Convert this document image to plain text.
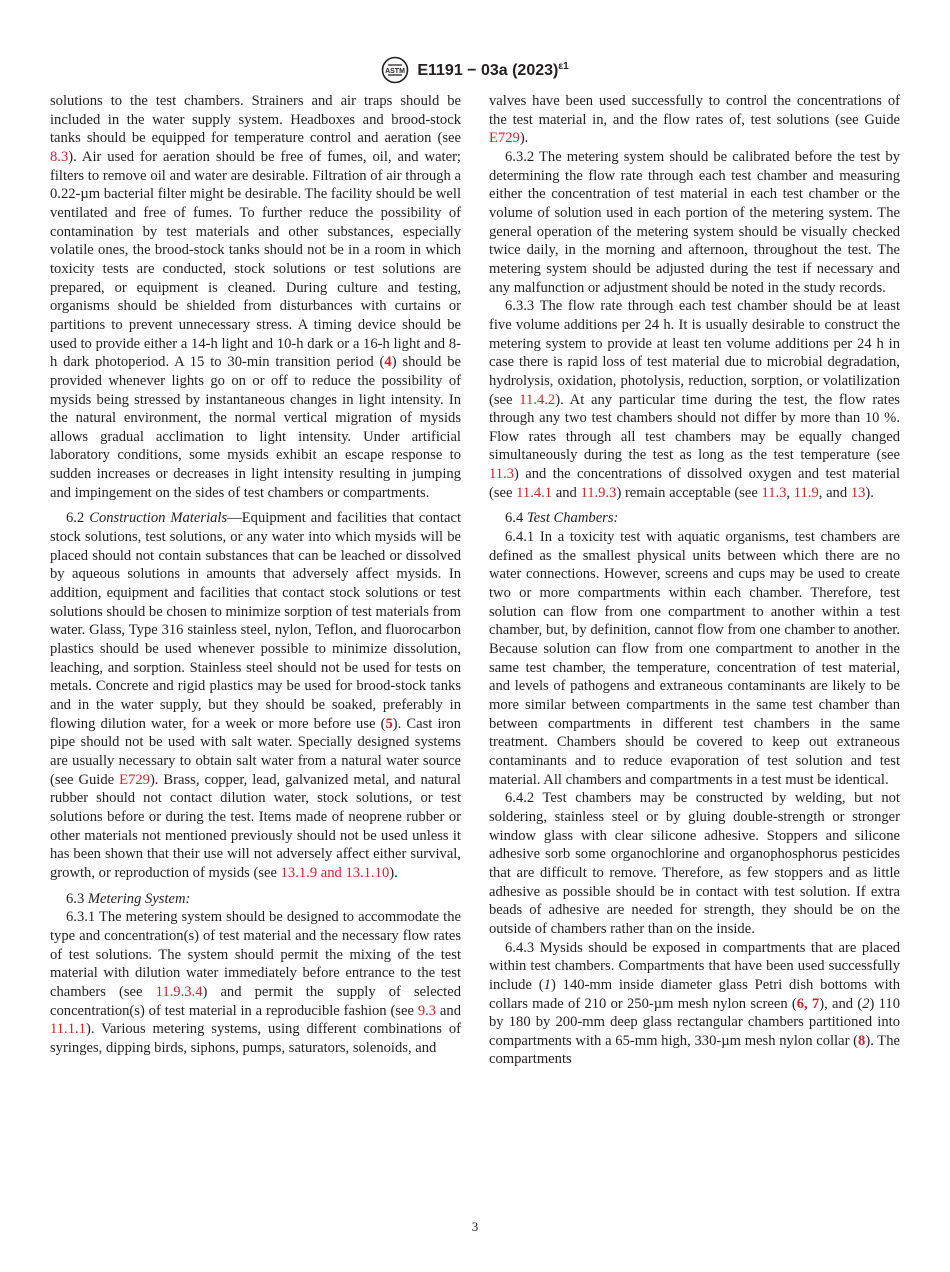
ASTM E1191 − 03a $(2023)^{\varepsilon 1}$

solutions to the test chambers. Strainers and air traps should be included in the water supply system. Headboxes and brood-stock tanks should be equipped for temperature control and aeration (see 8.3). Air used for aeration should be free of fumes, oil, and water; filters to remove oil and water are desirable. Filtration of air through a 0.22-µm bacterial filter might be desirable. The facility should be well ventilated and free of fumes. To further reduce the possibility of contamination by test materials and other substances, especially volatile ones, the brood-stock tanks should not be in a room in which toxicity tests are conducted, stock solutions or test solutions are prepared, or equipment is cleaned. During culture and testing, organisms should be shielded from disturbances with curtains or partitions to prevent unnecessary stress. A timing device should be used to provide either a 14-h light and 10-h dark or a 16-h light and 8-h dark photoperiod. A 15 to 30-min transition period (4) should be provided whenever lights go on or off to reduce the possibility of mysids being stressed by instantaneous changes in light intensity. In the natural environment, the normal vertical migration of mysids allows gradual acclimation to light intensity. Under artificial laboratory conditions, some mysids exhibit an escape response to sudden increases or decreases in light intensity resulting in jumping and impingement on the sides of test chambers or compartments.

6.2 Construction Materials—Equipment and facilities that contact stock solutions, test solutions, or any water into which mysids will be placed should not contain substances that can be leached or dissolved by aqueous solutions in amounts that adversely affect mysids. In addition, equipment and facilities that contact stock solutions or test solutions should be chosen to minimize sorption of test materials from water. Glass, Type 316 stainless steel, nylon, Teflon, and fluorocarbon plastics should be used whenever possible to minimize dissolution, leaching, and sorption. Stainless steel should not be used for tests on metals. Concrete and rigid plastics may be used for brood-stock tanks and in the water supply, but they should be soaked, preferably in flowing dilution water, for a week or more before use (5). Cast iron pipe should not be used with salt water. Specially designed systems are usually necessary to obtain salt water from a natural water source (see Guide E729). Brass, copper, lead, galvanized metal, and natural rubber should not contact dilution water, stock solutions, or test solutions before or during the test. Items made of neoprene rubber or other materials not mentioned previously should not be used unless it has been shown that their use will not adversely affect either survival, growth, or reproduction of mysids (see 13.1.9 and 13.1.10).

6.3 Metering System:

6.3.1 The metering system should be designed to accommodate the type and concentration(s) of test material and the necessary flow rates of test solutions. The system should permit the mixing of the test material with dilution water immediately before entrance to the test chambers (see 11.9.3.4) and permit the supply of selected concentration(s) of test material in a reproducible fashion (see 9.3 and 11.1.1). Various metering systems, using different combinations of syringes, dipping birds, siphons, pumps, saturators, solenoids, and

valves have been used successfully to control the concentrations of the test material in, and the flow rates of, test solutions (see Guide E729).

6.3.2 The metering system should be calibrated before the test by determining the flow rate through each test chamber and measuring either the concentration of test material in each test chamber or the volume of solution used in each portion of the metering system. The general operation of the metering system should be visually checked twice daily, in the morning and afternoon, throughout the test. The metering system should be adjusted during the test if necessary and any malfunction or adjustment should be noted in the study records.

6.3.3 The flow rate through each test chamber should be at least five volume additions per 24 h. It is usually desirable to construct the metering system to provide at least ten volume additions per 24 h in case there is rapid loss of test material due to microbial degradation, hydrolysis, oxidation, photolysis, reduction, sorption, or volatilization (see 11.4.2). At any particular time during the test, the flow rates through any two test chambers should not differ by more than 10 %. Flow rates through all test chambers may be equally changed simultaneously during the test as long as the test temperature (see 11.3) and the concentrations of dissolved oxygen and test material (see 11.4.1 and 11.9.3) remain acceptable (see 11.3, 11.9, and 13).

6.4 Test Chambers:

6.4.1 In a toxicity test with aquatic organisms, test chambers are defined as the smallest physical units between which there are no water connections. However, screens and cups may be used to create two or more compartments within each chamber. Therefore, test solution can flow from one compartment to another within a test chamber, but, by definition, cannot flow from one chamber to another. Because solution can flow from one compartment to another in the same test chamber, the temperature, concentration of test material, and levels of pathogens and extraneous contaminants are likely to be more similar between compartments in the same test chamber than between compartments in different test chambers in the same treatment. Chambers should be covered to keep out extraneous contaminants and to reduce evaporation of test solution and test material. All chambers and compartments in a test must be identical.

6.4.2 Test chambers may be constructed by welding, but not soldering, stainless steel or by gluing double-strength or stronger window glass with clear silicone adhesive. Stoppers and silicone adhesive sorb some organochlorine and organophosphorus pesticides that are difficult to remove. Therefore, as few stoppers and as little adhesive as possible should be in contact with test solution. If extra beads of adhesive are needed for strength, they should be on the outside of chambers rather than on the inside.

6.4.3 Mysids should be exposed in compartments that are placed within test chambers. Compartments that have been used successfully include (1) 140-mm inside diameter glass Petri dish bottoms with collars made of 210 or 250-µm mesh nylon screen (6, 7), and (2) 110 by 180 by 200-mm deep glass rectangular chambers partitioned into compartments with a 65-mm high, 330-µm mesh nylon collar (8). The compartments

3
